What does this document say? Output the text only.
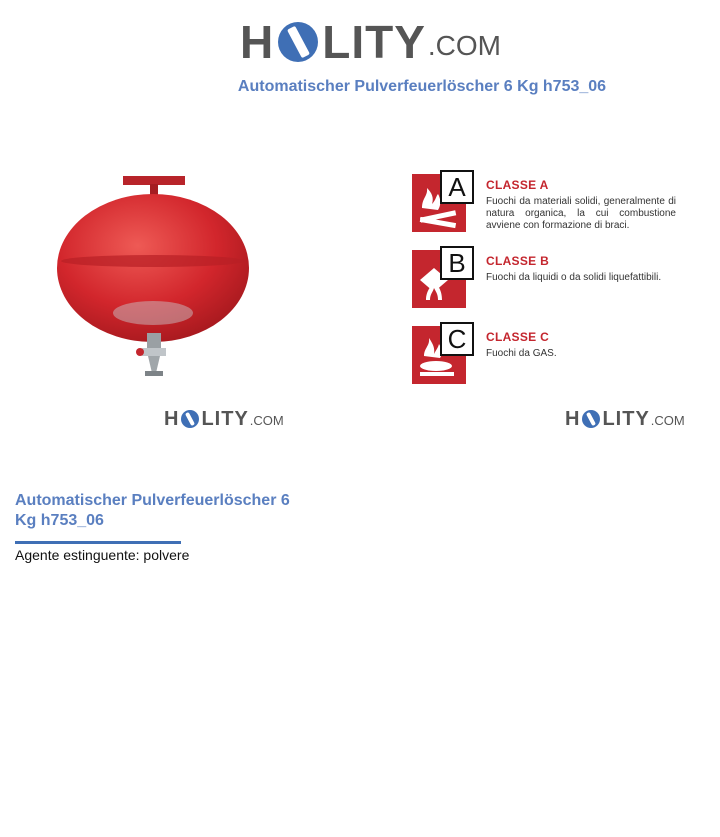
H LITY .COM
Automatischer Pulverfeuerlöscher 6 Kg h753_06
A	CLASSE A
Fuochi da materiali solidi, generalmente di natura organica, la cui combustione avviene con formazione di braci.
B	CLASSE B
Fuochi da liquidi o da solidi liquefattibili.
C	CLASSE C
Fuochi da GAS.
H LITY .COM	H LITY .COM
Automatischer Pulverfeuerlöscher 6 Kg h753_06
Agente estinguente: polvere
